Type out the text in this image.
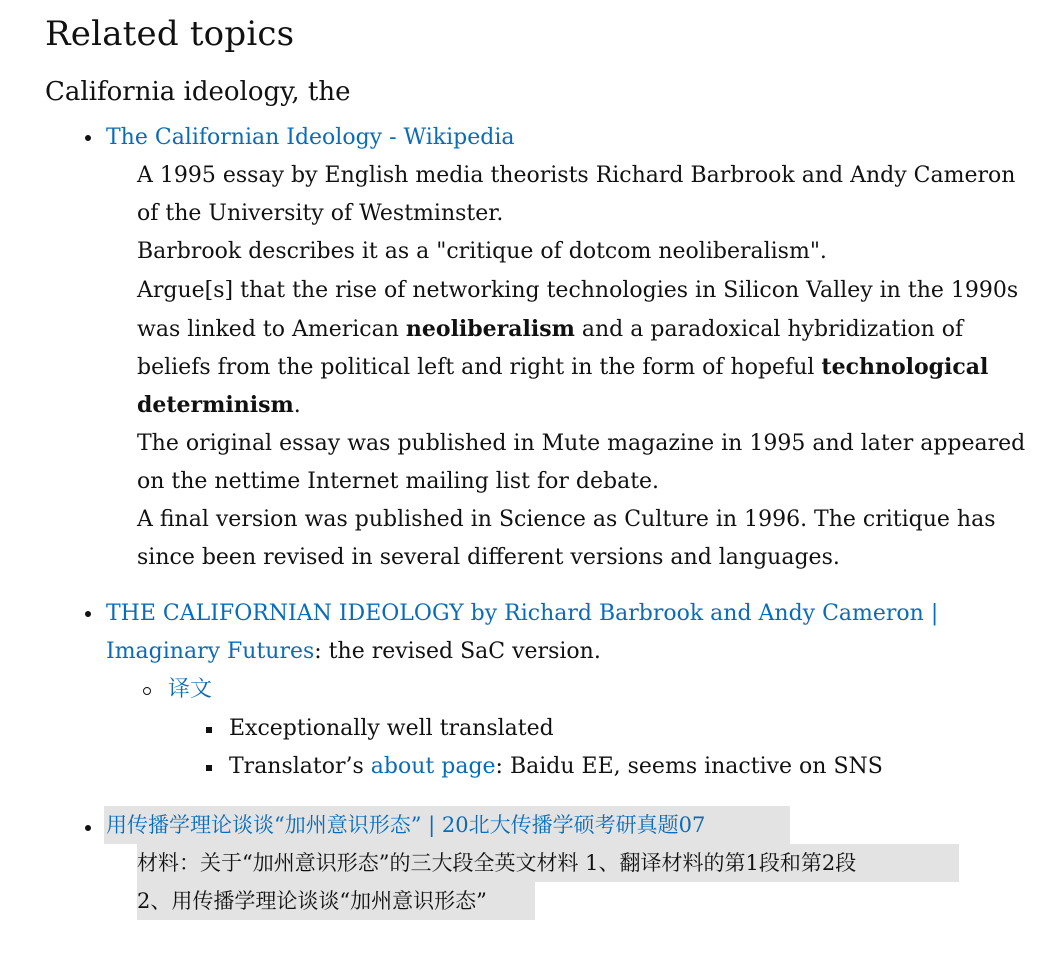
Related topics
California ideology, the
The Californian Ideology - Wikipedia
A 1995 essay by English media theorists Richard Barbrook and Andy Cameron
of the University of Westminster.
Barbrook describes it as a "critique of dotcom neoliberalism".
Argue[s] that the rise of networking technologies in Silicon Valley in the 1990s
was linked to American neoliberalism and a paradoxical hybridization of
beliefs from the political left and right in the form of hopeful technological
determinism.
The original essay was published in Mute magazine in 1995 and later appeared
on the nettime Internet mailing list for debate.
A final version was published in Science as Culture in 1996. The critique has
since been revised in several different versions and languages.
THE CALIFORNIAN IDEOLOGY by Richard Barbrook and Andy Cameron |
Imaginary Futures: the revised SaC version.
译文
Exceptionally well translated
Translator’s about page: Baidu EE, seems inactive on SNS
用传播学理论谈谈“加州意识形态” | 20北大传播学硕考研真题07
材料：关于“加州意识形态”的三大段全英文材料 1、翻译材料的第1段和第2段
2、用传播学理论谈谈“加州意识形态”
